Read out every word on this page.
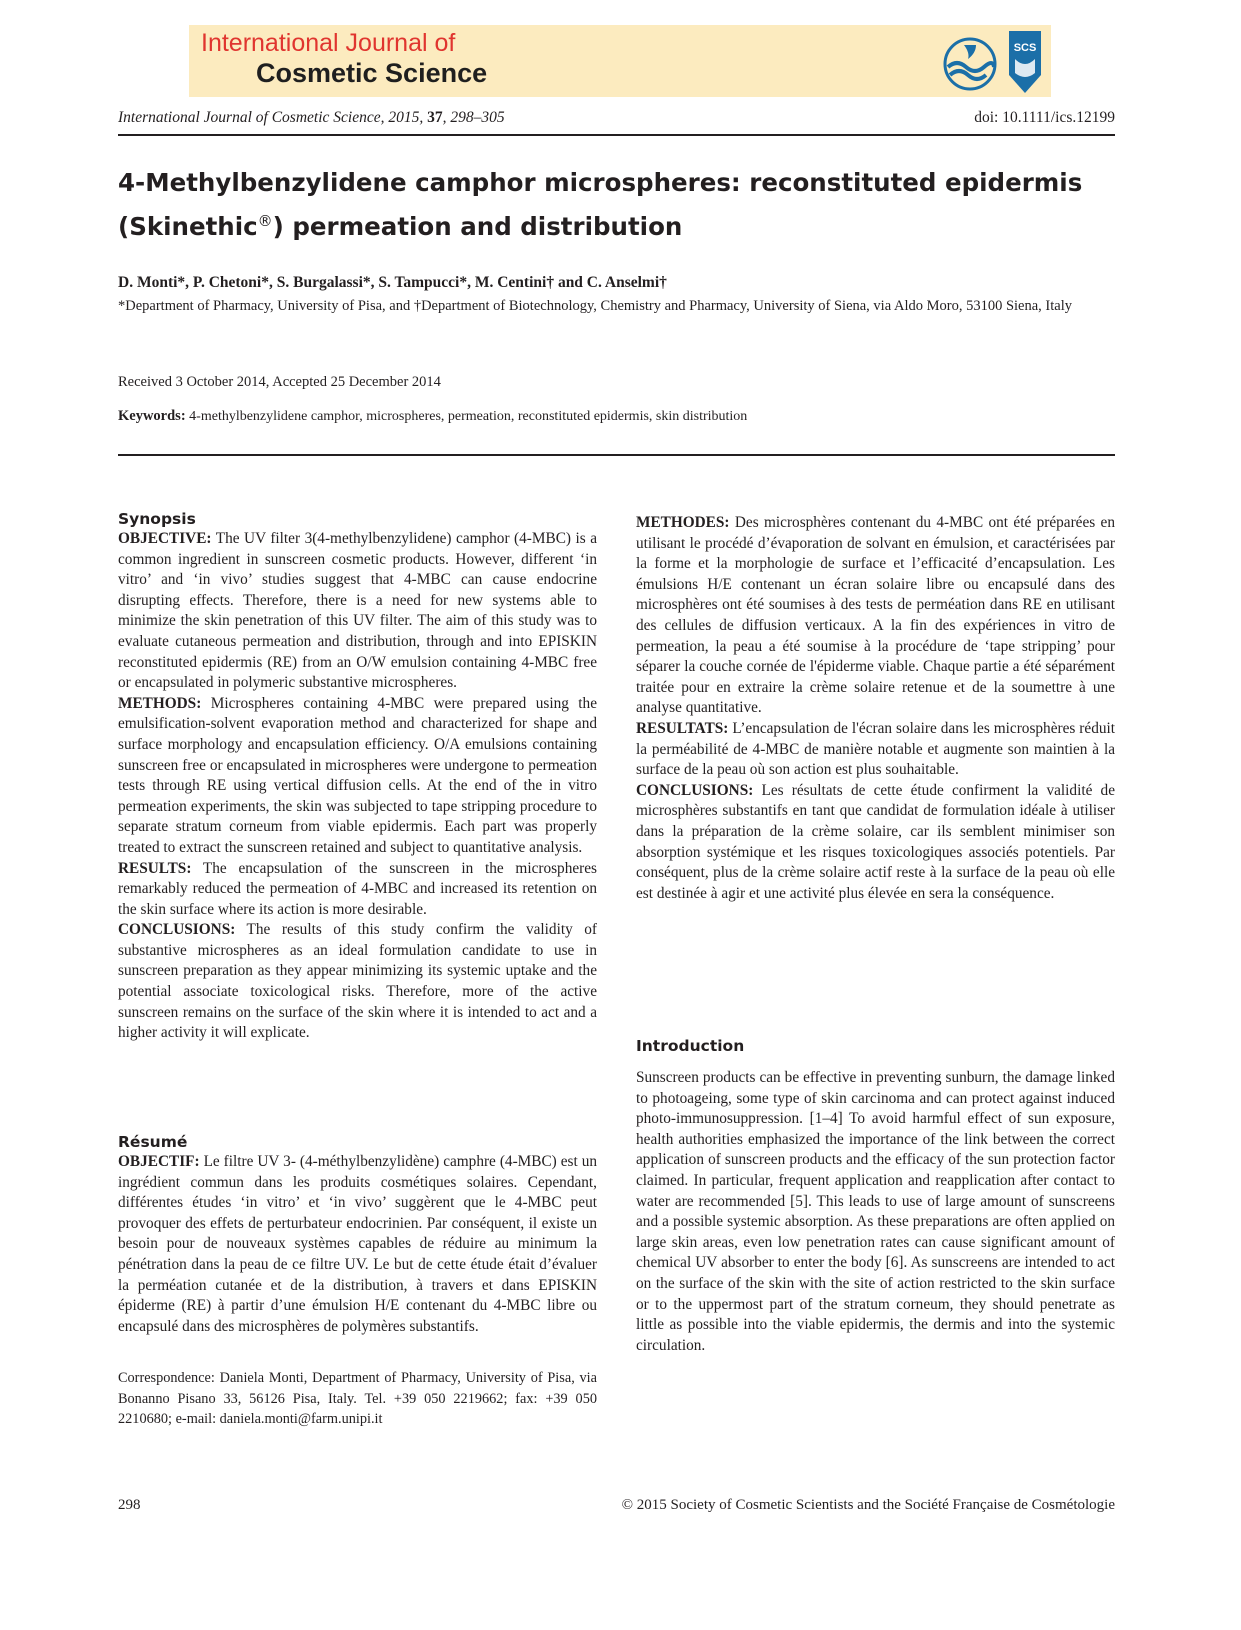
International Journal of
Cosmetic Science
SCS
International Journal of Cosmetic Science, 2015, 37, 298–305	doi: 10.1111/ics.12199
4-Methylbenzylidene camphor microspheres: reconstituted epidermis (Skinethic®) permeation and distribution
D. Monti*, P. Chetoni*, S. Burgalassi*, S. Tampucci*, M. Centini† and C. Anselmi†
*Department of Pharmacy, University of Pisa, and †Department of Biotechnology, Chemistry and Pharmacy, University of Siena, via Aldo Moro, 53100 Siena, Italy
Received 3 October 2014, Accepted 25 December 2014
Keywords: 4-methylbenzylidene camphor, microspheres, permeation, reconstituted epidermis, skin distribution
Synopsis

OBJECTIVE: The UV filter 3(4-methylbenzylidene) camphor (4-MBC) is a common ingredient in sunscreen cosmetic products. However, different ‘in vitro’ and ‘in vivo’ studies suggest that 4-MBC can cause endocrine disrupting effects. Therefore, there is a need for new systems able to minimize the skin penetration of this UV filter. The aim of this study was to evaluate cutaneous permeation and distribution, through and into EPISKIN reconstituted epidermis (RE) from an O/W emulsion containing 4-MBC free or encapsulated in polymeric substantive microspheres.

METHODS: Microspheres containing 4-MBC were prepared using the emulsification-solvent evaporation method and characterized for shape and surface morphology and encapsulation efficiency. O/A emulsions containing sunscreen free or encapsulated in microspheres were undergone to permeation tests through RE using vertical diffusion cells. At the end of the in vitro permeation experiments, the skin was subjected to tape stripping procedure to separate stratum corneum from viable epidermis. Each part was properly treated to extract the sunscreen retained and subject to quantitative analysis.

RESULTS: The encapsulation of the sunscreen in the microspheres remarkably reduced the permeation of 4-MBC and increased its retention on the skin surface where its action is more desirable.

CONCLUSIONS: The results of this study confirm the validity of substantive microspheres as an ideal formulation candidate to use in sunscreen preparation as they appear minimizing its systemic uptake and the potential associate toxicological risks. Therefore, more of the active sunscreen remains on the surface of the skin where it is intended to act and a higher activity it will explicate.

Résumé

OBJECTIF: Le filtre UV 3- (4-méthylbenzylidène) camphre (4-MBC) est un ingrédient commun dans les produits cosmétiques solaires. Cependant, différentes études ‘in vitro’ et ‘in vivo’ suggèrent que le 4-MBC peut provoquer des effets de perturbateur endocrinien. Par conséquent, il existe un besoin pour de nouveaux systèmes capables de réduire au minimum la pénétration dans la peau de ce filtre UV. Le but de cette étude était d’évaluer la perméation cutanée et de la distribution, à travers et dans EPISKIN épiderme (RE) à partir d’une émulsion H/E contenant du 4-MBC libre ou encapsulé dans des microsphères de polymères substantifs.

Correspondence: Daniela Monti, Department of Pharmacy, University of Pisa, via Bonanno Pisano 33, 56126 Pisa, Italy. Tel. +39 050 2219662; fax: +39 050 2210680; e-mail: daniela.monti@farm.unipi.it

METHODES: Des microsphères contenant du 4-MBC ont été préparées en utilisant le procédé d’évaporation de solvant en émulsion, et caractérisées par la forme et la morphologie de surface et l’efficacité d’encapsulation. Les émulsions H/E contenant un écran solaire libre ou encapsulé dans des microsphères ont été soumises à des tests de perméation dans RE en utilisant des cellules de diffusion verticaux. A la fin des expériences in vitro de permeation, la peau a été soumise à la procédure de ‘tape stripping’ pour séparer la couche cornée de l'épiderme viable. Chaque partie a été séparément traitée pour en extraire la crème solaire retenue et de la soumettre à une analyse quantitative.

RESULTATS: L’encapsulation de l'écran solaire dans les microsphères réduit la perméabilité de 4-MBC de manière notable et augmente son maintien à la surface de la peau où son action est plus souhaitable.

CONCLUSIONS: Les résultats de cette étude confirment la validité de microsphères substantifs en tant que candidat de formulation idéale à utiliser dans la préparation de la crème solaire, car ils semblent minimiser son absorption systémique et les risques toxicologiques associés potentiels. Par conséquent, plus de la crème solaire actif reste à la surface de la peau où elle est destinée à agir et une activité plus élevée en sera la conséquence.

Introduction

Sunscreen products can be effective in preventing sunburn, the damage linked to photoageing, some type of skin carcinoma and can protect against induced photo-immunosuppression. [1–4] To avoid harmful effect of sun exposure, health authorities emphasized the importance of the link between the correct application of sunscreen products and the efficacy of the sun protection factor claimed. In particular, frequent application and reapplication after contact to water are recommended [5]. This leads to use of large amount of sunscreens and a possible systemic absorption. As these preparations are often applied on large skin areas, even low penetration rates can cause significant amount of chemical UV absorber to enter the body [6]. As sunscreens are intended to act on the surface of the skin with the site of action restricted to the skin surface or to the uppermost part of the stratum corneum, they should penetrate as little as possible into the viable epidermis, the dermis and into the systemic circulation.

298	© 2015 Society of Cosmetic Scientists and the Société Française de Cosmétologie
